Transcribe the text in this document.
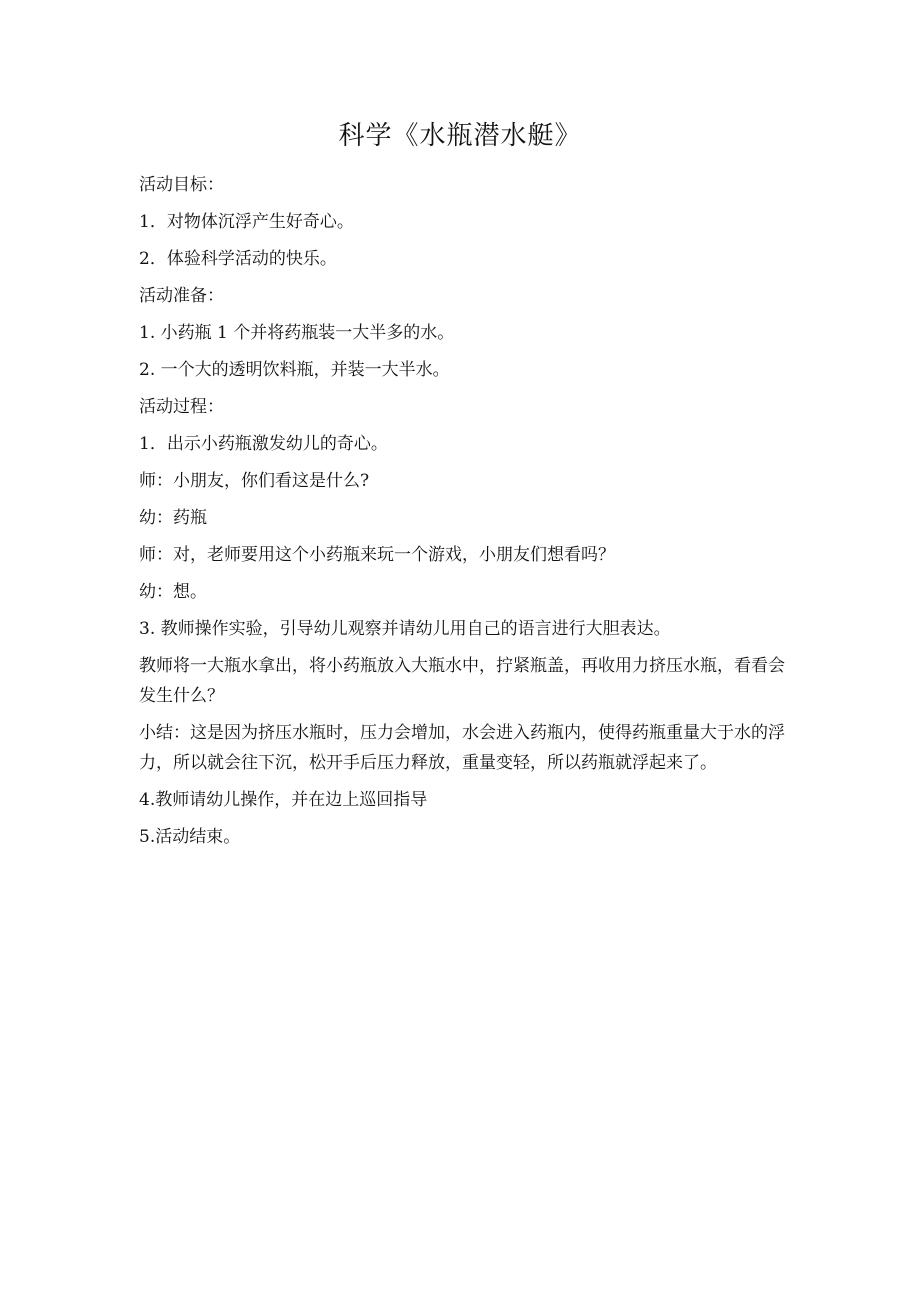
科学《水瓶潜水艇》
活动目标：
1．对物体沉浮产生好奇心。
2．体验科学活动的快乐。
活动准备：
1. 小药瓶 1 个并将药瓶装一大半多的水。
2. 一个大的透明饮料瓶，并装一大半水。
活动过程：
1．出示小药瓶激发幼儿的奇心。
师：小朋友，你们看这是什么?
幼：药瓶
师：对，老师要用这个小药瓶来玩一个游戏，小朋友们想看吗？
幼：想。
3. 教师操作实验，引导幼儿观察并请幼儿用自己的语言进行大胆表达。
教师将一大瓶水拿出，将小药瓶放入大瓶水中，拧紧瓶盖，再收用力挤压水瓶，看看会发生什么？
小结：这是因为挤压水瓶时，压力会增加，水会进入药瓶内，使得药瓶重量大于水的浮力，所以就会往下沉，松开手后压力释放，重量变轻，所以药瓶就浮起来了。
4.教师请幼儿操作，并在边上巡回指导
5.活动结束。
